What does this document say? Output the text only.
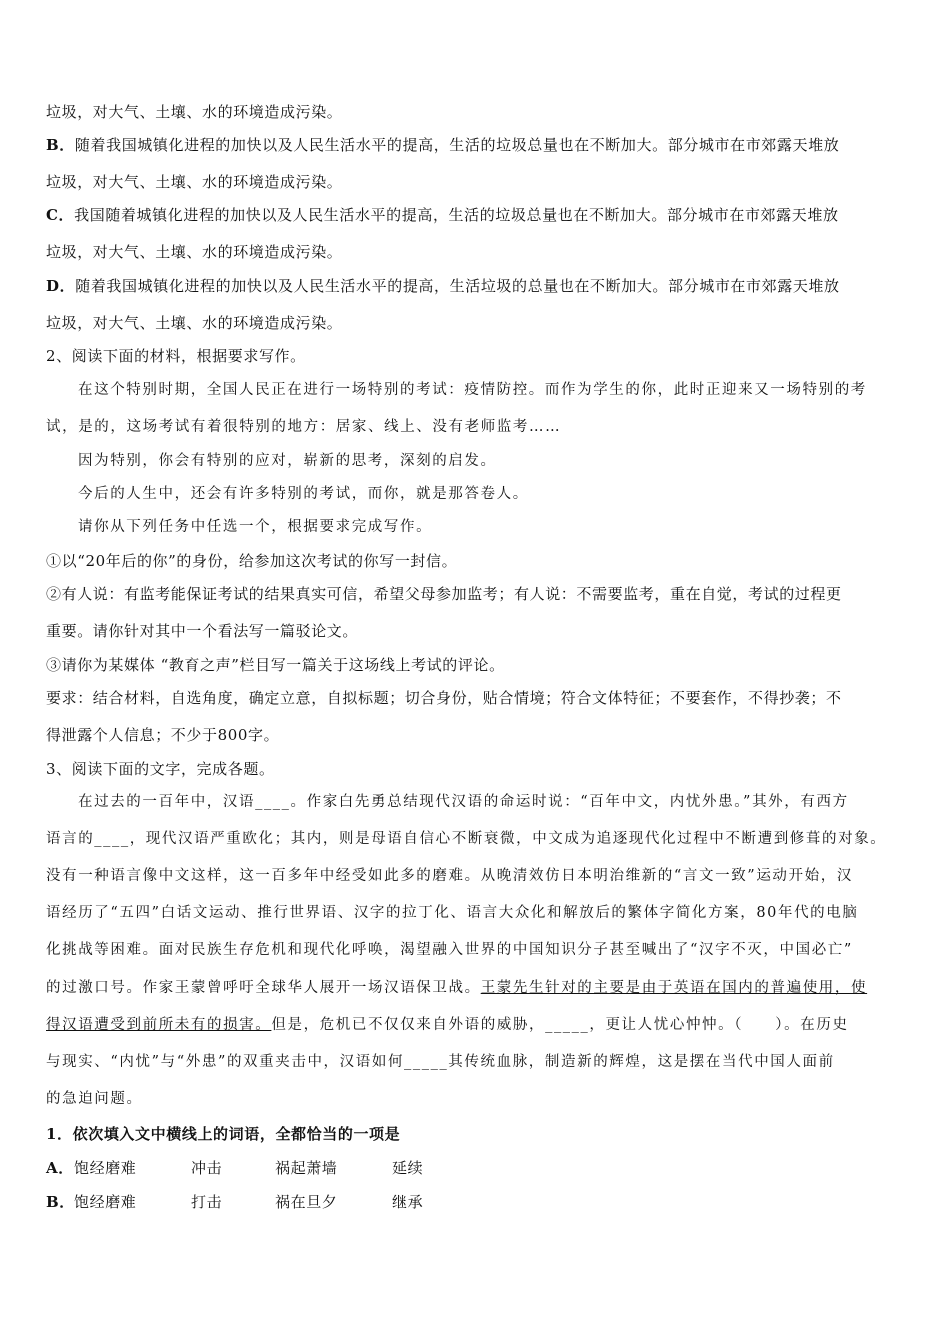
垃圾，对大气、土壤、水的环境造成污染。
B．随着我国城镇化进程的加快以及人民生活水平的提高，生活的垃圾总量也在不断加大。部分城市在市郊露天堆放
垃圾，对大气、土壤、水的环境造成污染。
C．我国随着城镇化进程的加快以及人民生活水平的提高，生活的垃圾总量也在不断加大。部分城市在市郊露天堆放
垃圾，对大气、土壤、水的环境造成污染。
D．随着我国城镇化进程的加快以及人民生活水平的提高，生活垃圾的总量也在不断加大。部分城市在市郊露天堆放
垃圾，对大气、土壤、水的环境造成污染。
2、阅读下面的材料，根据要求写作。
在这个特别时期，全国人民正在进行一场特别的考试：疫情防控。而作为学生的你，此时正迎来又一场特别的考
试，是的，这场考试有着很特别的地方：居家、线上、没有老师监考……
因为特别，你会有特别的应对，崭新的思考，深刻的启发。
今后的人生中，还会有许多特别的考试，而你，就是那答卷人。
请你从下列任务中任选一个，根据要求完成写作。
①以“20年后的你”的身份，给参加这次考试的你写一封信。
②有人说：有监考能保证考试的结果真实可信，希望父母参加监考；有人说：不需要监考，重在自觉，考试的过程更
重要。请你针对其中一个看法写一篇驳论文。
③请你为某媒体 “教育之声”栏目写一篇关于这场线上考试的评论。
要求：结合材料，自选角度，确定立意，自拟标题；切合身份，贴合情境；符合文体特征；不要套作，不得抄袭；不
得泄露个人信息；不少于800字。
3、阅读下面的文字，完成各题。
在过去的一百年中，汉语____。作家白先勇总结现代汉语的命运时说：“百年中文，内忧外患。”其外，有西方
语言的____，现代汉语严重欧化；其内，则是母语自信心不断衰微，中文成为追逐现代化过程中不断遭到修葺的对象。
没有一种语言像中文这样，这一百多年中经受如此多的磨难。从晚清效仿日本明治维新的“言文一致”运动开始，汉
语经历了“五四”白话文运动、推行世界语、汉字的拉丁化、语言大众化和解放后的繁体字简化方案，80年代的电脑
化挑战等困难。面对民族生存危机和现代化呼唤，渴望融入世界的中国知识分子甚至喊出了“汉字不灭，中国必亡”
的过激口号。作家王蒙曾呼吁全球华人展开一场汉语保卫战。王蒙先生针对的主要是由于英语在国内的普遍使用，使
得汉语遭受到前所未有的损害。但是，危机已不仅仅来自外语的威胁，_____，更让人忧心忡忡。（　　）。在历史
与现实、“内忧”与“外患”的双重夹击中，汉语如何_____其传统血脉，制造新的辉煌，这是摆在当代中国人面前
的急迫问题。
1．依次填入文中横线上的词语，全都恰当的一项是
A．饱经磨难	冲击	祸起萧墙	延续
B．饱经磨难	打击	祸在旦夕	继承
